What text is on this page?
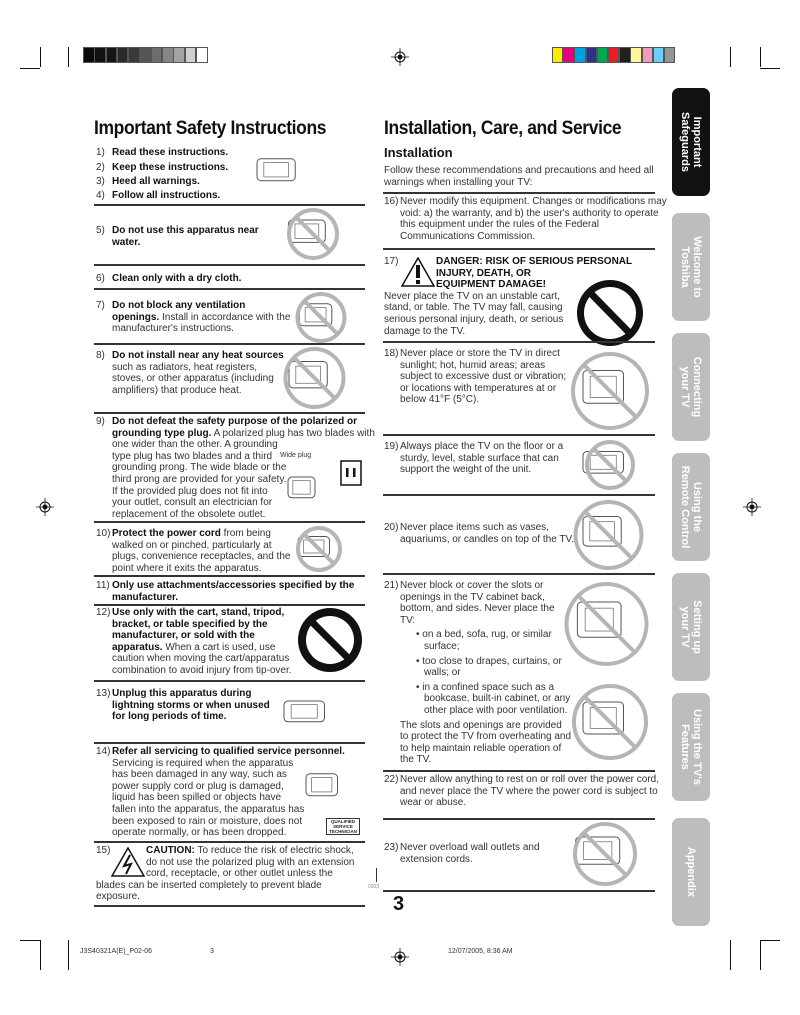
Important Safety Instructions	Installation, Care, and Service
Installation
Follow these recommendations and precautions and heed all warnings when installing your TV:
1) Read these instructions.
2) Keep these instructions.
3) Heed all warnings.
4) Follow all instructions.
5) Do not use this apparatus near water.
6) Clean only with a dry cloth.
7) Do not block any ventilation openings. Install in accordance with the manufacturer's instructions.
8) Do not install near any heat sources such as radiators, heat registers, stoves, or other apparatus (including amplifiers) that produce heat.
9) Do not defeat the safety purpose of the polarized or grounding type plug. A polarized plug has two blades with one wider than the other. A grounding type plug has two blades and a third grounding prong. The wide blade or the third prong are provided for your safety. If the provided plug does not fit into your outlet, consult an electrician for replacement of the obsolete outlet.
10) Protect the power cord from being walked on or pinched, particularly at plugs, convenience receptacles, and the point where it exits the apparatus.
11) Only use attachments/accessories specified by the manufacturer.
12) Use only with the cart, stand, tripod, bracket, or table specified by the manufacturer, or sold with the apparatus. When a cart is used, use caution when moving the cart/apparatus combination to avoid injury from tip-over.
13) Unplug this apparatus during lightning storms or when unused for long periods of time.
14) Refer all servicing to qualified service personnel. Servicing is required when the apparatus has been damaged in any way, such as power supply cord or plug is damaged, liquid has been spilled or objects have fallen into the apparatus, the apparatus has been exposed to rain or moisture, does not operate normally, or has been dropped.
15)	CAUTION: To reduce the risk of electric shock, do not use the polarized plug with an extension cord, receptacle, or other outlet unless the blades can be inserted completely to prevent blade exposure.
16) Never modify this equipment. Changes or modifications may void: a) the warranty, and b) the user's authority to operate this equipment under the rules of the Federal Communications Commission.
17)	DANGER: RISK OF SERIOUS PERSONAL INJURY, DEATH, OR EQUIPMENT DAMAGE! Never place the TV on an unstable cart, stand, or table. The TV may fall, causing serious personal injury, death, or serious damage to the TV.
18) Never place or store the TV in direct sunlight; hot, humid areas; areas subject to excessive dust or vibration; or locations with temperatures at or below 41°F (5°C).
19) Always place the TV on the floor or a sturdy, level, stable surface that can support the weight of the unit.
20) Never place items such as vases, aquariums, or candles on top of the TV.
21) Never block or cover the slots or openings in the TV cabinet back, bottom, and sides. Never place the TV:
• on a bed, sofa, rug, or similar surface;
• too close to drapes, curtains, or walls; or
• in a confined space such as a bookcase, built-in cabinet, or any other place with poor ventilation.
The slots and openings are provided to protect the TV from overheating and to help maintain reliable operation of the TV.
22) Never allow anything to rest on or roll over the power cord, and never place the TV where the power cord is subject to wear or abuse.
23) Never overload wall outlets and extension cords.
Important
Safeguards
Welcome to
Toshiba
Connecting
your TV
Using the
Remote Control
Setting up
your TV
Using the TV's
Features
Appendix
Wide plug
QUALIFIED SERVICE TECHNICIAN
3
0303
J3S40321A(E)_P02-06	3	12/07/2005, 8:36 AM
